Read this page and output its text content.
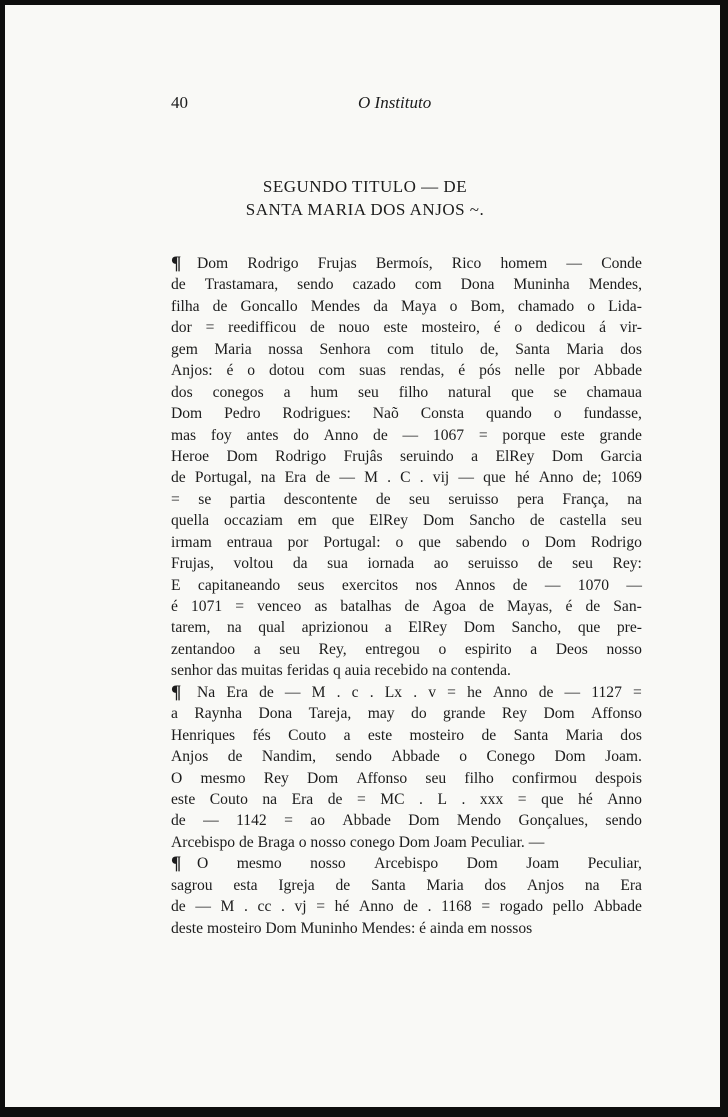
40	O Instituto
SEGUNDO TITULO — DE
SANTA MARIA DOS ANJOS ~.
¶	Dom Rodrigo Frujas Bermoís, Rico homem — Conde
de Trastamara, sendo cazado com Dona Muninha Mendes,
filha de Goncallo Mendes da Maya o Bom, chamado o Lida-
dor = reedifficou de nouo este mosteiro, é o dedicou á vir-
gem Maria nossa Senhora com titulo de, Santa Maria dos
Anjos: é o dotou com suas rendas, é pós nelle por Abbade
dos conegos a hum seu filho natural que se chamaua
Dom Pedro Rodrigues: Naõ Consta quando o fundasse,
mas foy antes do Anno de — 1067 = porque este grande
Heroe Dom Rodrigo Frujâs seruindo a ElRey Dom Garcia
de Portugal, na Era de — M . C . vij — que hé Anno de; 1069
= se partia descontente de seu seruisso pera França, na
quella occaziam em que ElRey Dom Sancho de castella seu
irmam entraua por Portugal: o que sabendo o Dom Rodrigo
Frujas, voltou da sua iornada ao seruisso de seu Rey:
E capitaneando seus exercitos nos Annos de — 1070 —
é 1071 = venceo as batalhas de Agoa de Mayas, é de San-
tarem, na qual aprizionou a ElRey Dom Sancho, que pre-
zentandoo a seu Rey, entregou o espirito a Deos nosso
senhor das muitas feridas q auia recebido na contenda.
¶	Na Era de — M . c . Lx . v = he Anno de — 1127 =
a Raynha Dona Tareja, may do grande Rey Dom Affonso
Henriques fés Couto a este mosteiro de Santa Maria dos
Anjos de Nandim, sendo Abbade o Conego Dom Joam.
O mesmo Rey Dom Affonso seu filho confirmou despois
este Couto na Era de = MC . L . xxx = que hé Anno
de — 1142 = ao Abbade Dom Mendo Gonçalues, sendo
Arcebispo de Braga o nosso conego Dom Joam Peculiar. —
¶	O mesmo nosso Arcebispo Dom Joam Peculiar,
sagrou esta Igreja de Santa Maria dos Anjos na Era
de — M . cc . vj = hé Anno de . 1168 = rogado pello Abbade
deste mosteiro Dom Muninho Mendes: é ainda em nossos
